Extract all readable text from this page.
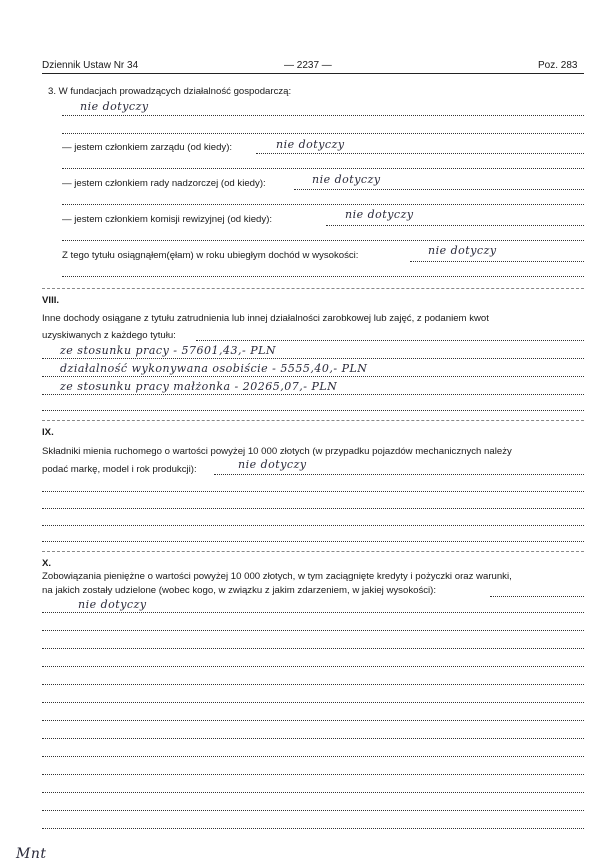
Dziennik Ustaw Nr 34	— 2237 —	Poz. 283
3. W fundacjach prowadzących działalność gospodarczą:
nie dotyczy
— jestem członkiem zarządu (od kiedy):	nie dotyczy
— jestem członkiem rady nadzorczej (od kiedy):	nie dotyczy
— jestem członkiem komisji rewizyjnej (od kiedy):	nie dotyczy
Z tego tytułu osiągnąłem(ęłam) w roku ubiegłym dochód w wysokości:	nie dotyczy
VIII.
Inne dochody osiągane z tytułu zatrudnienia lub innej działalności zarobkowej lub zajęć, z podaniem kwot
uzyskiwanych z każdego tytułu:
ze stosunku pracy - 57601,43,- PLN
działalność wykonywana osobiście - 5555,40,- PLN
ze stosunku pracy małżonka - 20265,07,- PLN
IX.
Składniki mienia ruchomego o wartości powyżej 10 000 złotych (w przypadku pojazdów mechanicznych należy
podać markę, model i rok produkcji):	nie dotyczy
X.
Zobowiązania pieniężne o wartości powyżej 10 000 złotych, w tym zaciągnięte kredyty i pożyczki oraz warunki,
na jakich zostały udzielone (wobec kogo, w związku z jakim zdarzeniem, w jakiej wysokości):
nie dotyczy
Mnt
